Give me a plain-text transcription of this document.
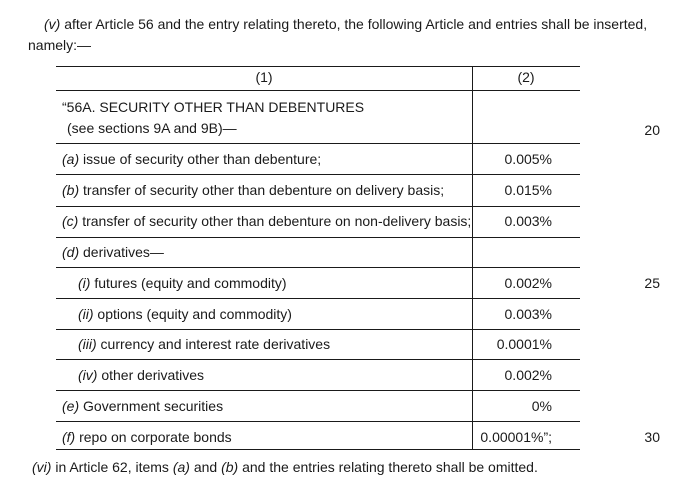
(v) after Article 56 and the entry relating thereto, the following Article and entries shall be inserted,
namely:—
(1)	(2)
“56A. SECURITY OTHER THAN DEBENTURES
(see sections 9A and 9B)—
(a) issue of security other than debenture;	0.005%
(b) transfer of security other than debenture on delivery basis;	0.015%
(c) transfer of security other than debenture on non-delivery basis;	0.003%
(d) derivatives—
(i) futures (equity and commodity)	0.002%
(ii) options (equity and commodity)	0.003%
(iii) currency and interest rate derivatives	0.0001%
(iv) other derivatives	0.002%
(e) Government securities	0%
(f) repo on corporate bonds	0.00001%”;
20
25
30
(vi) in Article 62, items (a) and (b) and the entries relating thereto shall be omitted.
